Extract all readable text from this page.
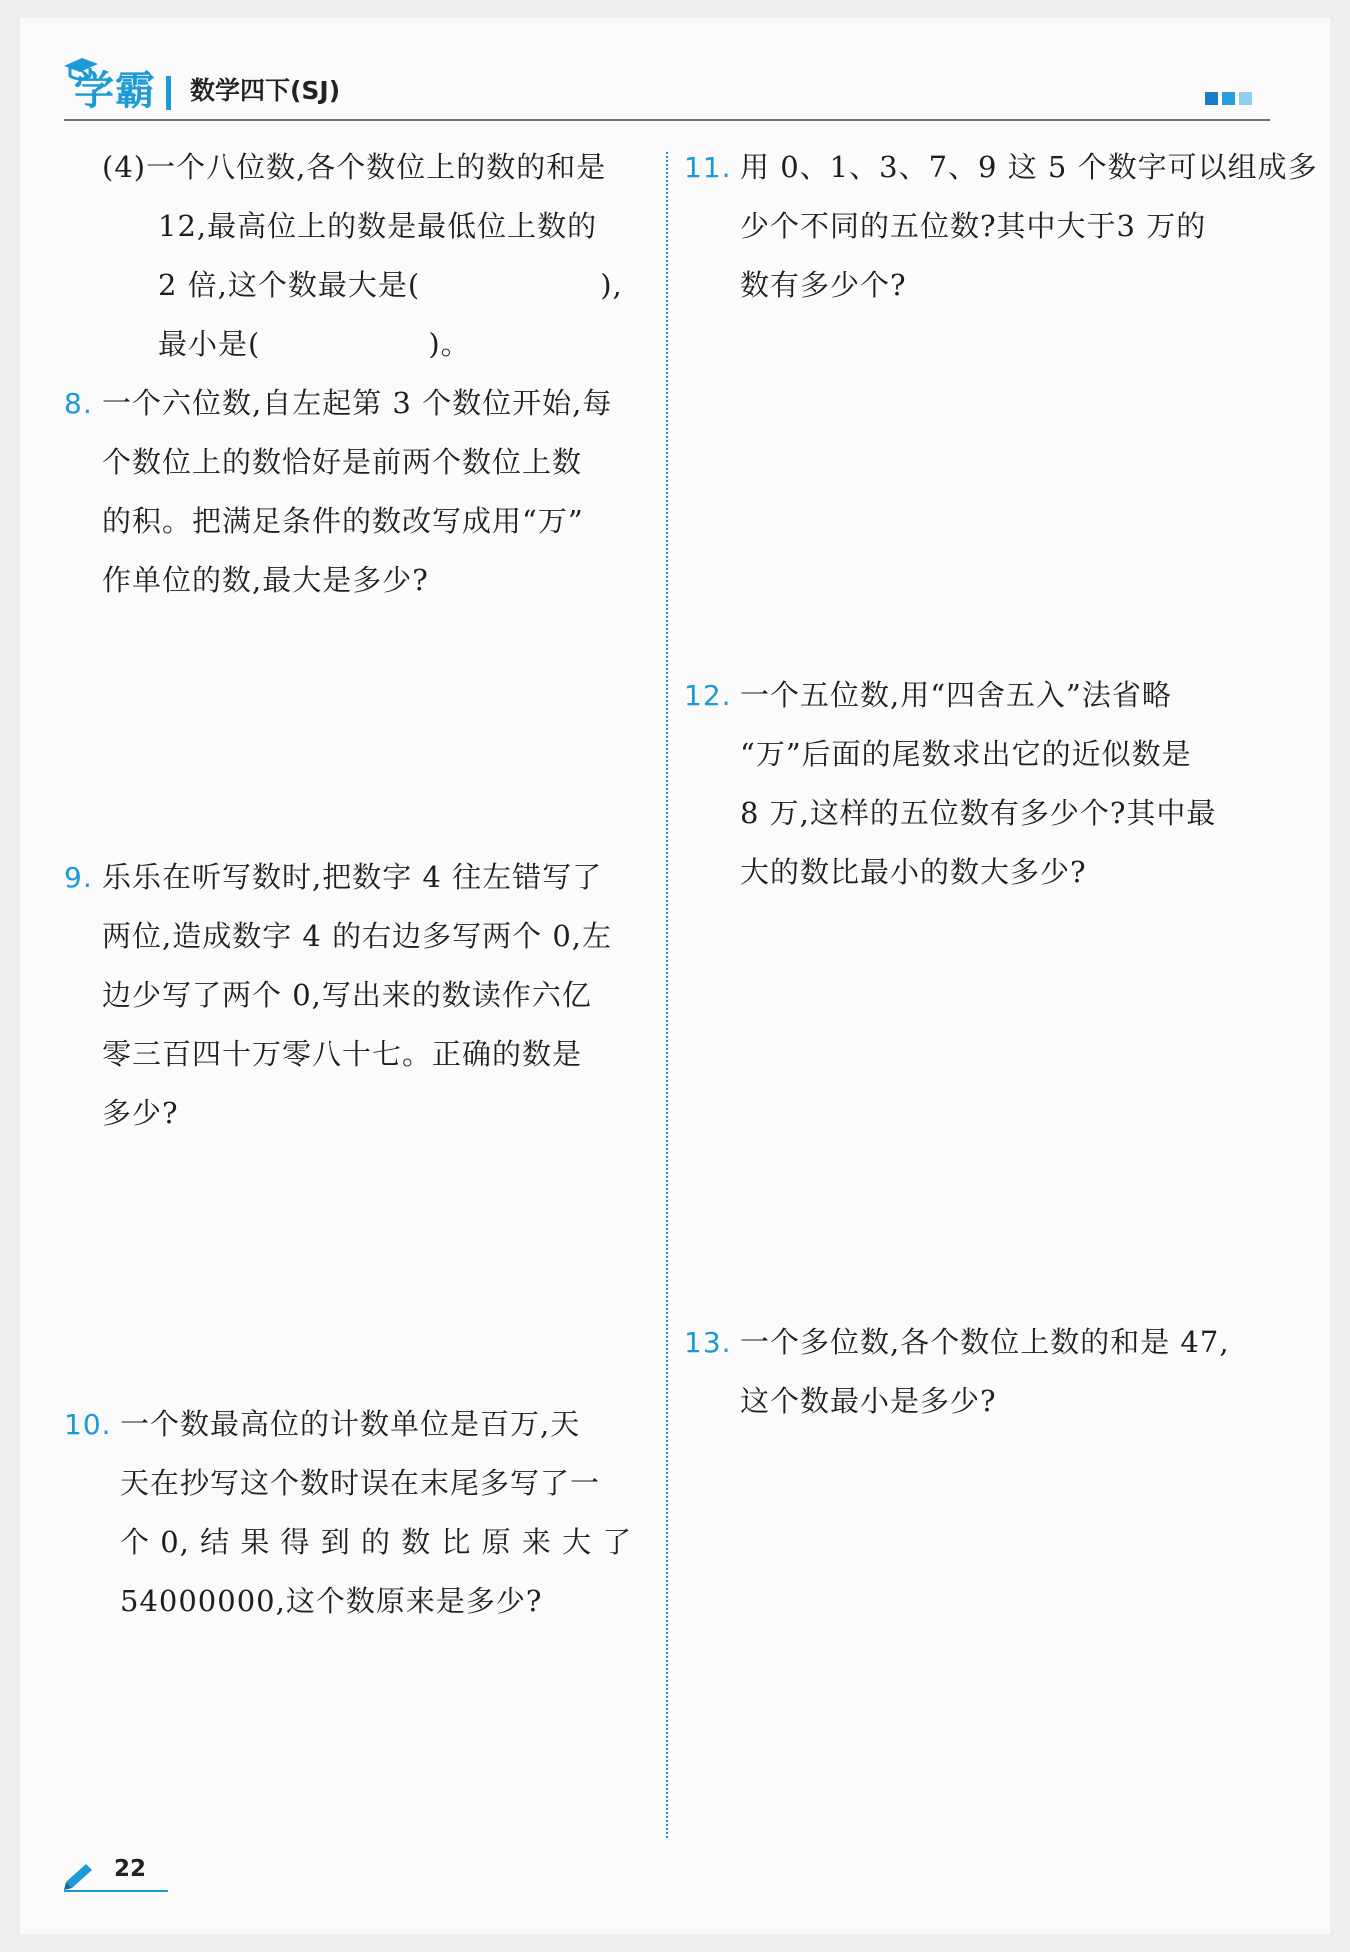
学霸 数学四下(SJ)
(4)一个八位数,各个数位上的数的和是
12,最高位上的数是最低位上数的
2 倍,这个数最大是(	),
最小是(	)。
8. 一个六位数,自左起第 3 个数位开始,每
个数位上的数恰好是前两个数位上数
的积。把满足条件的数改写成用“万”
作单位的数,最大是多少?
9. 乐乐在听写数时,把数字 4 往左错写了
两位,造成数字 4 的右边多写两个 0,左
边少写了两个 0,写出来的数读作六亿
零三百四十万零八十七。正确的数是
多少?
10. 一个数最高位的计数单位是百万,天
天在抄写这个数时误在末尾多写了一
个 0, 结 果 得 到 的 数 比 原 来 大 了
54000000,这个数原来是多少?
11. 用 0、1、3、7、9 这 5 个数字可以组成多
少个不同的五位数?其中大于3 万的
数有多少个?
12. 一个五位数,用“四舍五入”法省略
“万”后面的尾数求出它的近似数是
8 万,这样的五位数有多少个?其中最
大的数比最小的数大多少?
13. 一个多位数,各个数位上数的和是 47,
这个数最小是多少?
22
